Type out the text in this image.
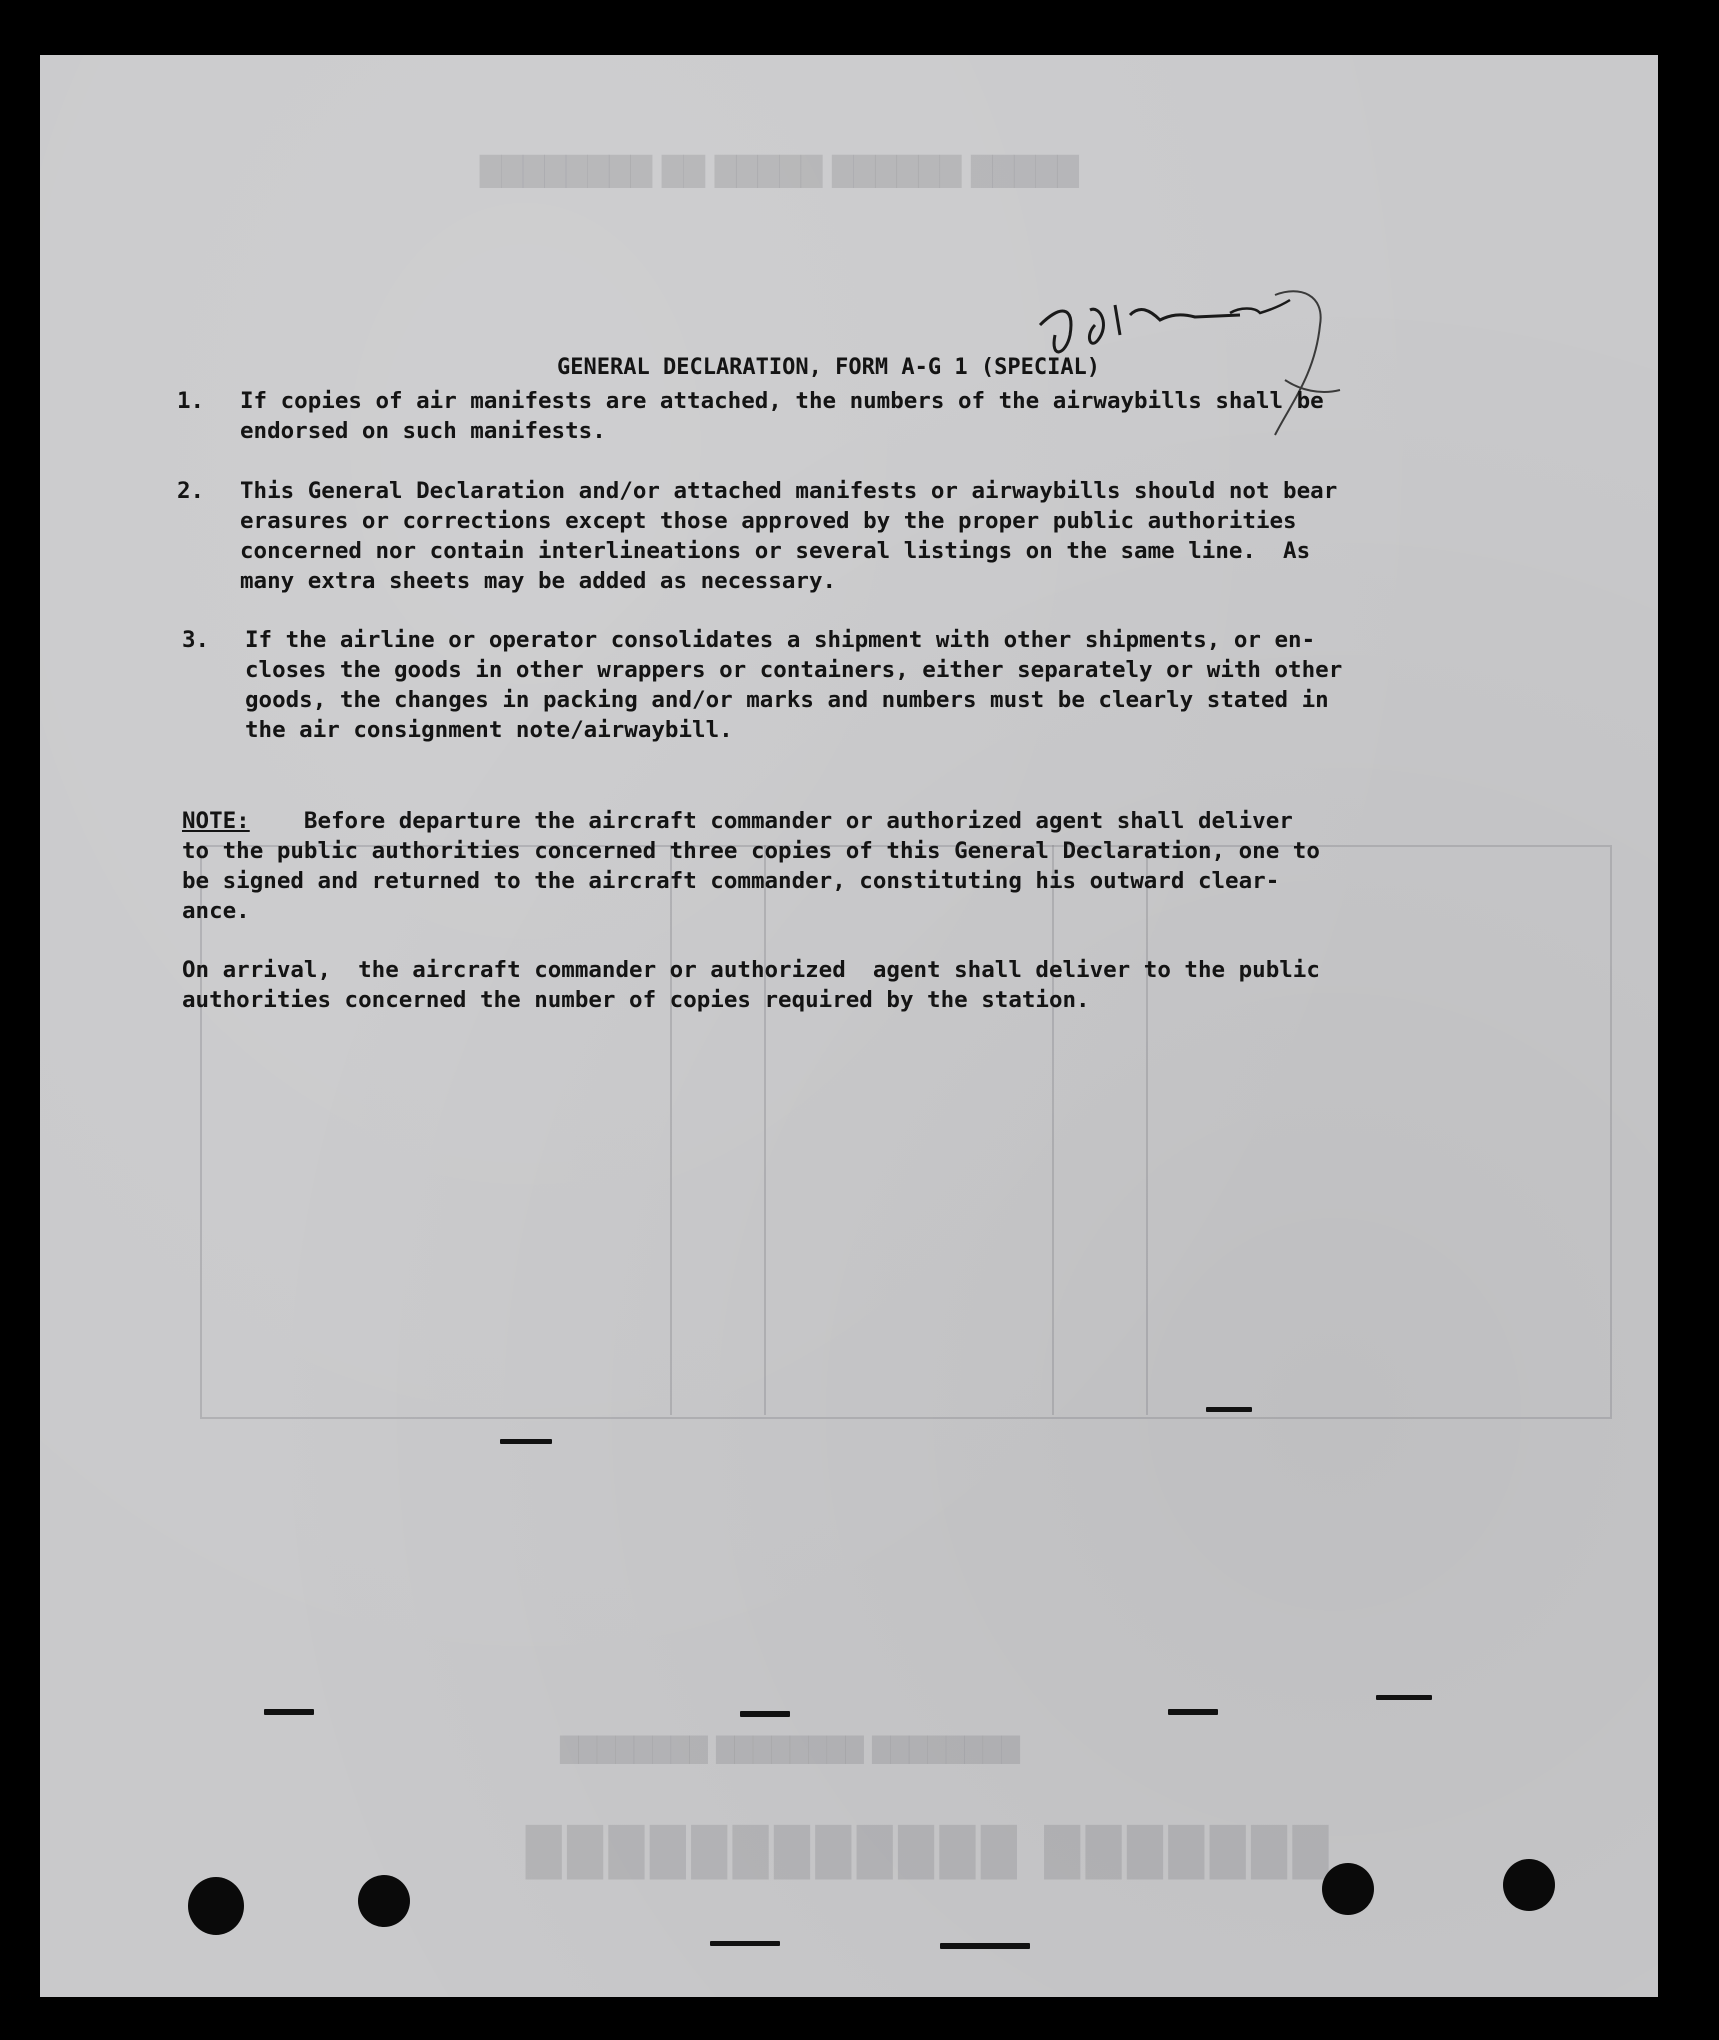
█████ ██████ █████ ██ ████████
███████ ████████████
████████ ████████ ████████
GENERAL DECLARATION, FORM A-G 1 (SPECIAL)
1. If copies of air manifests are attached, the numbers of the airwaybills shall be
endorsed on such manifests.
2. This General Declaration and/or attached manifests or airwaybills should not bear
erasures or corrections except those approved by the proper public authorities
concerned nor contain interlineations or several listings on the same line.  As
many extra sheets may be added as necessary.
3. If the airline or operator consolidates a shipment with other shipments, or en-
closes the goods in other wrappers or containers, either separately or with other
goods, the changes in packing and/or marks and numbers must be clearly stated in
the air consignment note/airwaybill.
NOTE:    Before departure the aircraft commander or authorized agent shall deliver
to the public authorities concerned three copies of this General Declaration, one to
be signed and returned to the aircraft commander, constituting his outward clear-
ance.
On arrival,  the aircraft commander or authorized  agent shall deliver to the public
authorities concerned the number of copies required by the station.
